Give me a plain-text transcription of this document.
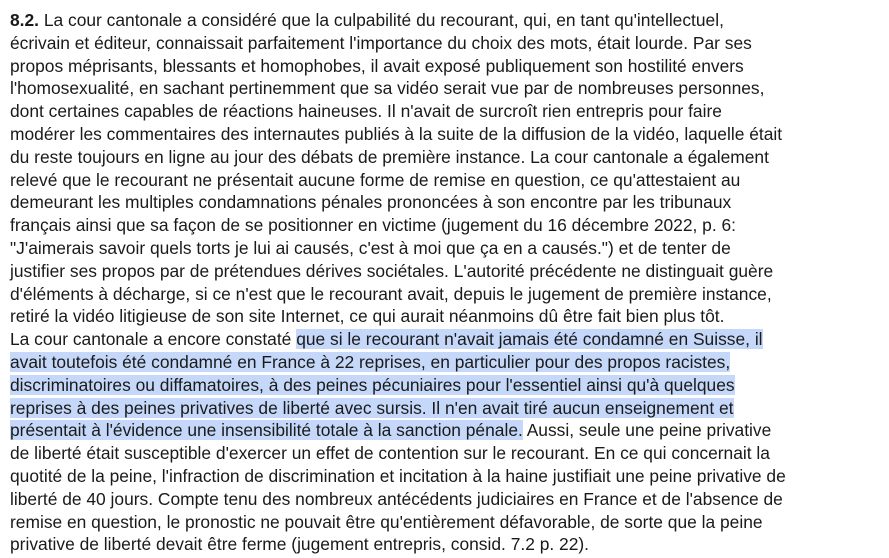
8.2. La cour cantonale a considéré que la culpabilité du recourant, qui, en tant qu'intellectuel,
écrivain et éditeur, connaissait parfaitement l'importance du choix des mots, était lourde. Par ses
propos méprisants, blessants et homophobes, il avait exposé publiquement son hostilité envers
l'homosexualité, en sachant pertinemment que sa vidéo serait vue par de nombreuses personnes,
dont certaines capables de réactions haineuses. Il n'avait de surcroît rien entrepris pour faire
modérer les commentaires des internautes publiés à la suite de la diffusion de la vidéo, laquelle était
du reste toujours en ligne au jour des débats de première instance. La cour cantonale a également
relevé que le recourant ne présentait aucune forme de remise en question, ce qu'attestaient au
demeurant les multiples condamnations pénales prononcées à son encontre par les tribunaux
français ainsi que sa façon de se positionner en victime (jugement du 16 décembre 2022, p. 6:
"J'aimerais savoir quels torts je lui ai causés, c'est à moi que ça en a causés.") et de tenter de
justifier ses propos par de prétendues dérives sociétales. L'autorité précédente ne distinguait guère
d'éléments à décharge, si ce n'est que le recourant avait, depuis le jugement de première instance,
retiré la vidéo litigieuse de son site Internet, ce qui aurait néanmoins dû être fait bien plus tôt.
La cour cantonale a encore constaté que si le recourant n'avait jamais été condamné en Suisse, il
avait toutefois été condamné en France à 22 reprises, en particulier pour des propos racistes,
discriminatoires ou diffamatoires, à des peines pécuniaires pour l'essentiel ainsi qu'à quelques
reprises à des peines privatives de liberté avec sursis. Il n'en avait tiré aucun enseignement et
présentait à l'évidence une insensibilité totale à la sanction pénale. Aussi, seule une peine privative
de liberté était susceptible d'exercer un effet de contention sur le recourant. En ce qui concernait la
quotité de la peine, l'infraction de discrimination et incitation à la haine justifiait une peine privative de
liberté de 40 jours. Compte tenu des nombreux antécédents judiciaires en France et de l'absence de
remise en question, le pronostic ne pouvait être qu'entièrement défavorable, de sorte que la peine
privative de liberté devait être ferme (jugement entrepris, consid. 7.2 p. 22).
